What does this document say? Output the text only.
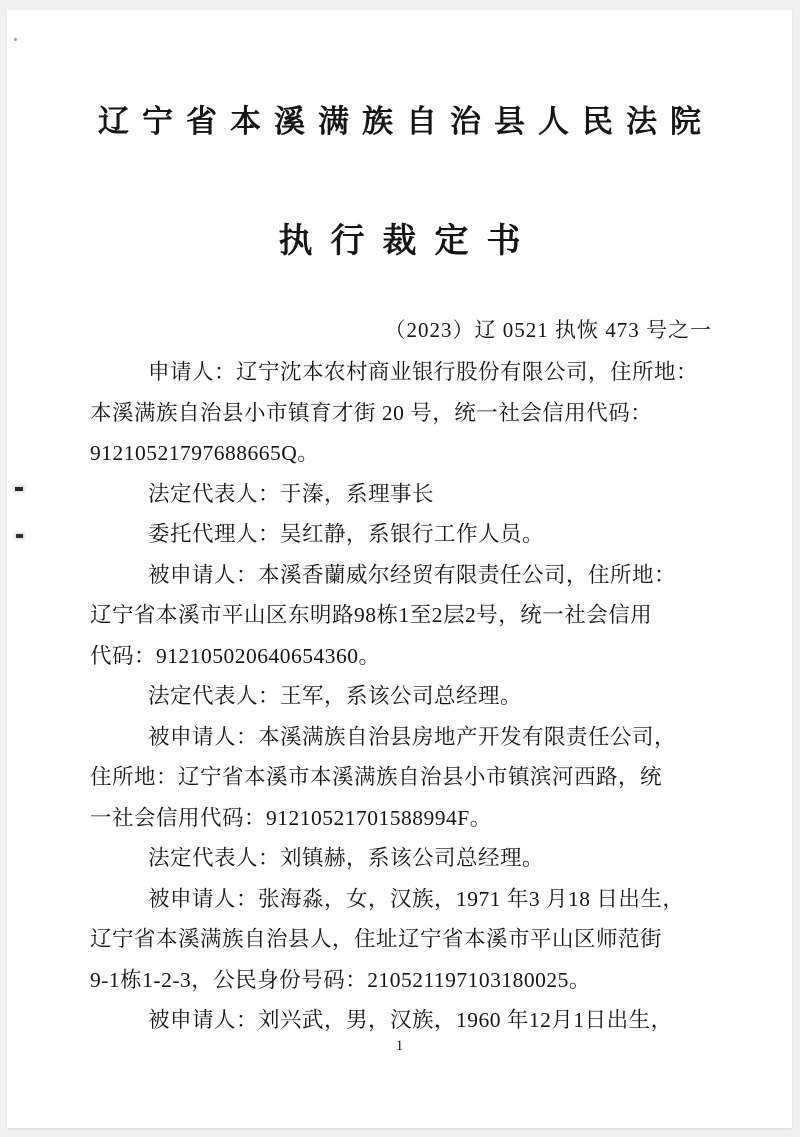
辽宁省本溪满族自治县人民法院
执行裁定书
（2023）辽 0521 执恢 473 号之一
申请人：辽宁沈本农村商业银行股份有限公司，住所地：
本溪满族自治县小市镇育才街 20 号，统一社会信用代码：
91210521797688665Q。
法定代表人：于溱，系理事长
委托代理人：吴红静，系银行工作人员。
被申请人：本溪香蘭威尔经贸有限责任公司，住所地：
辽宁省本溪市平山区东明路98栋1至2层2号，统一社会信用
代码：912105020640654360。
法定代表人：王军，系该公司总经理。
被申请人：本溪满族自治县房地产开发有限责任公司，
住所地：辽宁省本溪市本溪满族自治县小市镇滨河西路，统
一社会信用代码：91210521701588994F。
法定代表人：刘镇赫，系该公司总经理。
被申请人：张海淼，女，汉族，1971 年3 月18 日出生，
辽宁省本溪满族自治县人，住址辽宁省本溪市平山区师范街
9-1栋1-2-3，公民身份号码：210521197103180025。
被申请人：刘兴武，男，汉族，1960 年12月1日出生，
1
